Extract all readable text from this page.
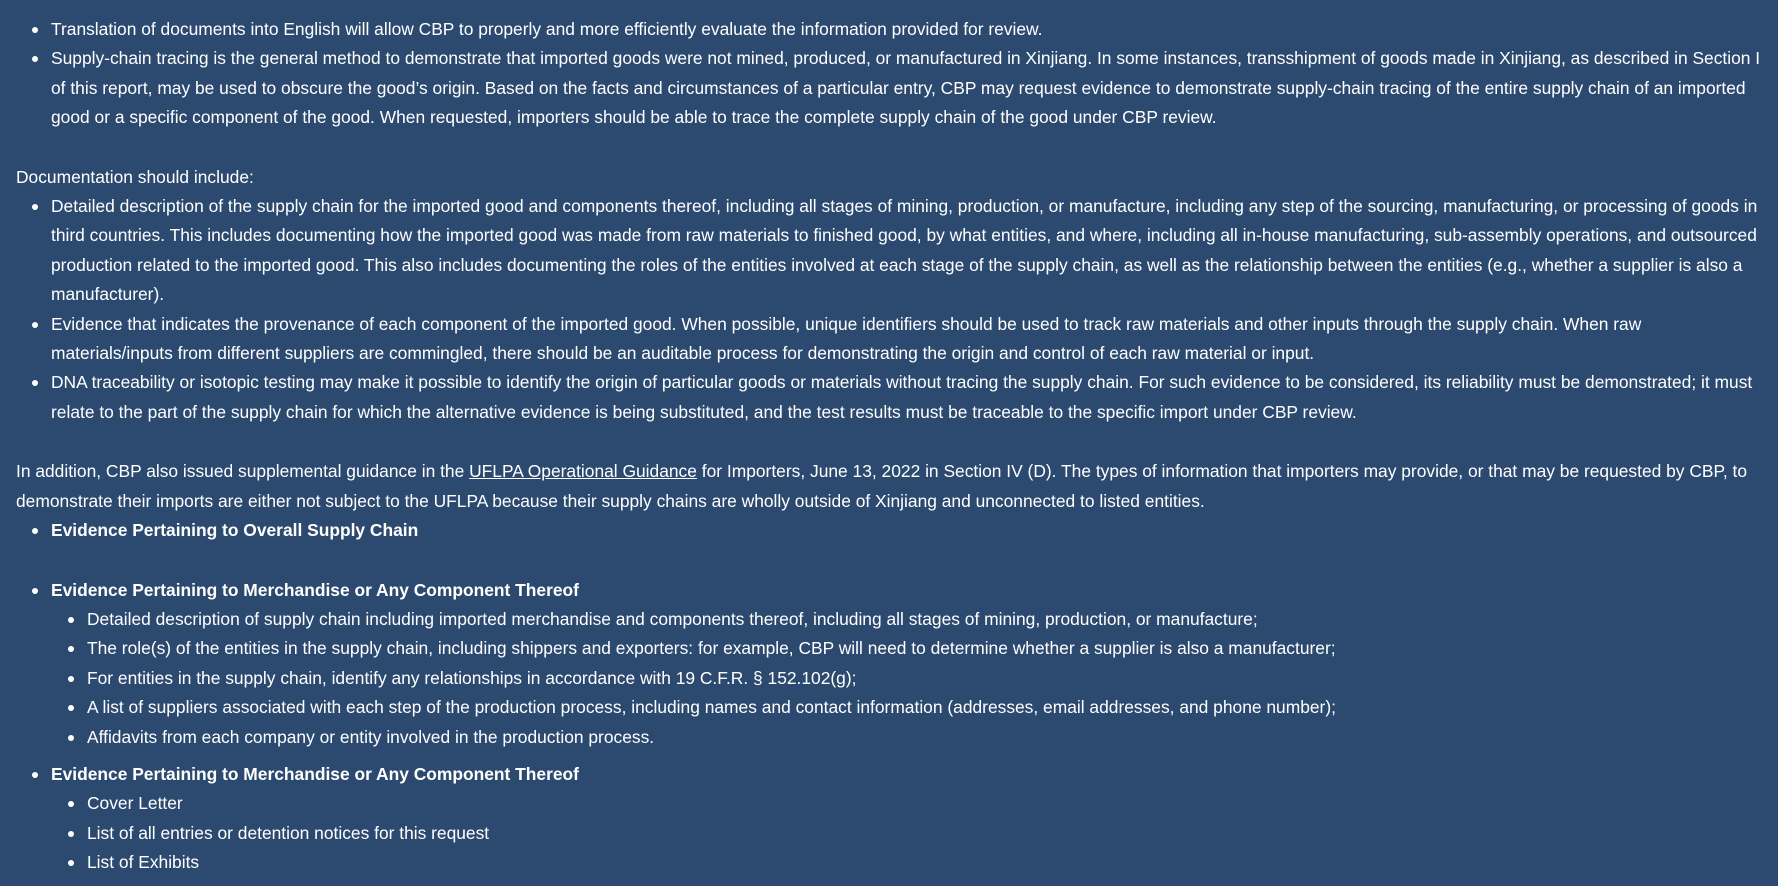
Translation of documents into English will allow CBP to properly and more efficiently evaluate the information provided for review.
Supply-chain tracing is the general method to demonstrate that imported goods were not mined, produced, or manufactured in Xinjiang. In some instances, transshipment of goods made in Xinjiang, as described in Section I of this report, may be used to obscure the good’s origin. Based on the facts and circumstances of a particular entry, CBP may request evidence to demonstrate supply-chain tracing of the entire supply chain of an imported good or a specific component of the good. When requested, importers should be able to trace the complete supply chain of the good under CBP review.

Documentation should include:

Detailed description of the supply chain for the imported good and components thereof, including all stages of mining, production, or manufacture, including any step of the sourcing, manufacturing, or processing of goods in third countries. This includes documenting how the imported good was made from raw materials to finished good, by what entities, and where, including all in-house manufacturing, sub-assembly operations, and outsourced production related to the imported good. This also includes documenting the roles of the entities involved at each stage of the supply chain, as well as the relationship between the entities (e.g., whether a supplier is also a manufacturer).
Evidence that indicates the provenance of each component of the imported good. When possible, unique identifiers should be used to track raw materials and other inputs through the supply chain. When raw materials/inputs from different suppliers are commingled, there should be an auditable process for demonstrating the origin and control of each raw material or input.
DNA traceability or isotopic testing may make it possible to identify the origin of particular goods or materials without tracing the supply chain. For such evidence to be considered, its reliability must be demonstrated; it must relate to the part of the supply chain for which the alternative evidence is being substituted, and the test results must be traceable to the specific import under CBP review.

In addition, CBP also issued supplemental guidance in the UFLPA Operational Guidance for Importers, June 13, 2022 in Section IV (D). The types of information that importers may provide, or that may be requested by CBP, to demonstrate their imports are either not subject to the UFLPA because their supply chains are wholly outside of Xinjiang and unconnected to listed entities.

Evidence Pertaining to Overall Supply Chain
Evidence Pertaining to Merchandise or Any Component Thereof
Detailed description of supply chain including imported merchandise and components thereof, including all stages of mining, production, or manufacture;
The role(s) of the entities in the supply chain, including shippers and exporters: for example, CBP will need to determine whether a supplier is also a manufacturer;
For entities in the supply chain, identify any relationships in accordance with 19 C.F.R. § 152.102(g);
A list of suppliers associated with each step of the production process, including names and contact information (addresses, email addresses, and phone number);
Affidavits from each company or entity involved in the production process.
Evidence Pertaining to Merchandise or Any Component Thereof
Cover Letter
List of all entries or detention notices for this request
List of Exhibits
